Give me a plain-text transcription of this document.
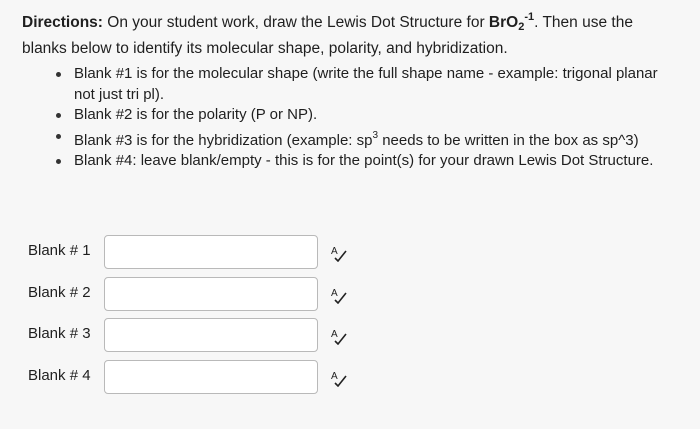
Directions: On your student work, draw the Lewis Dot Structure for BrO$_2^{-1}$. Then use the blanks below to identify its molecular shape, polarity, and hybridization.
Blank #1 is for the molecular shape (write the full shape name - example: trigonal planar not just tri pl).
Blank #2 is for the polarity (P or NP).
Blank #3 is for the hybridization (example: $sp^3$ needs to be written in the box as sp^3)
Blank #4: leave blank/empty - this is for the point(s) for your drawn Lewis Dot Structure.
Blank # 1	A
Blank # 2	A
Blank # 3	A
Blank # 4	A
